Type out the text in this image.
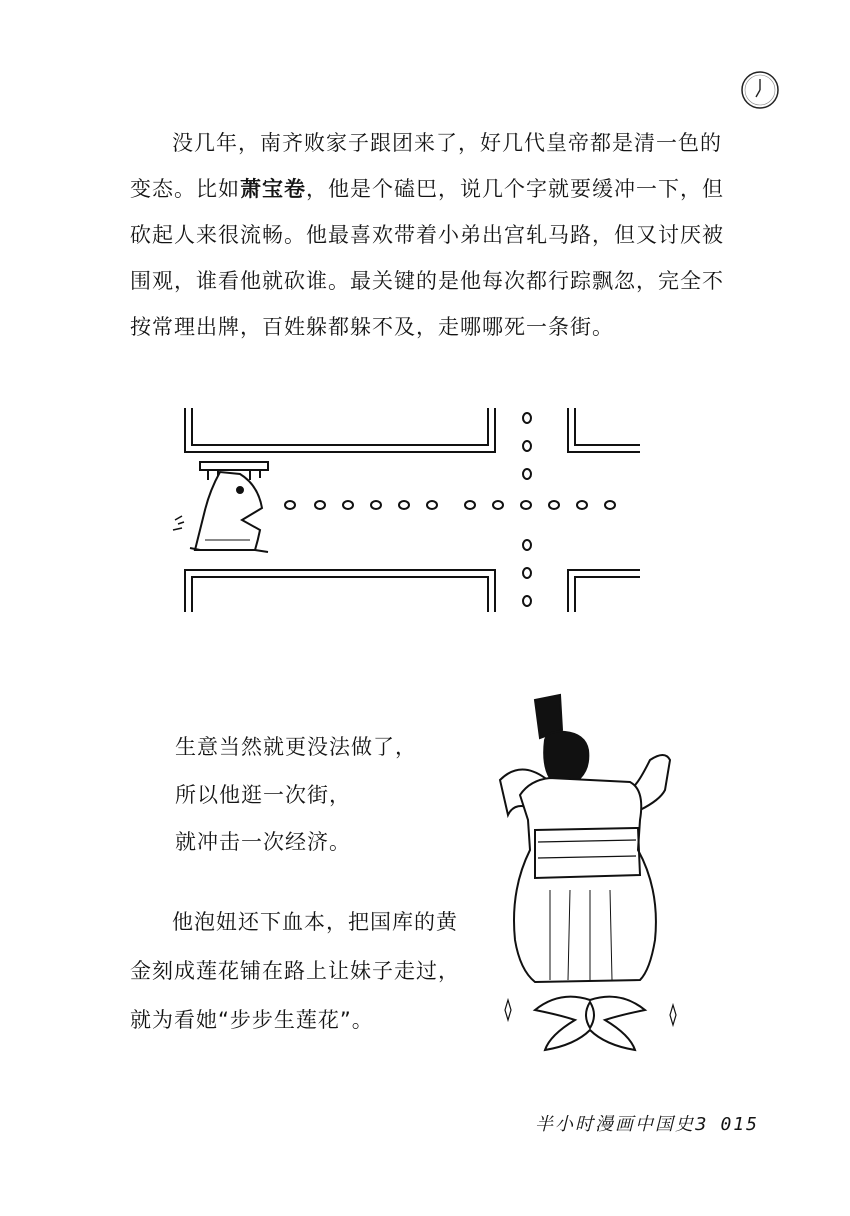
没几年，南齐败家子跟团来了，好几代皇帝都是清一色的变态。比如萧宝卷，他是个磕巴，说几个字就要缓冲一下，但砍起人来很流畅。他最喜欢带着小弟出宫轧马路，但又讨厌被围观，谁看他就砍谁。最关键的是他每次都行踪飘忽，完全不按常理出牌，百姓躲都躲不及，走哪哪死一条街。

生意当然就更没法做了，

所以他逛一次街，

就冲击一次经济。

他泡妞还下血本，把国库的黄金刻成莲花铺在路上让妹子走过，就为看她“步步生莲花”。

半小时漫画中国史3 015
